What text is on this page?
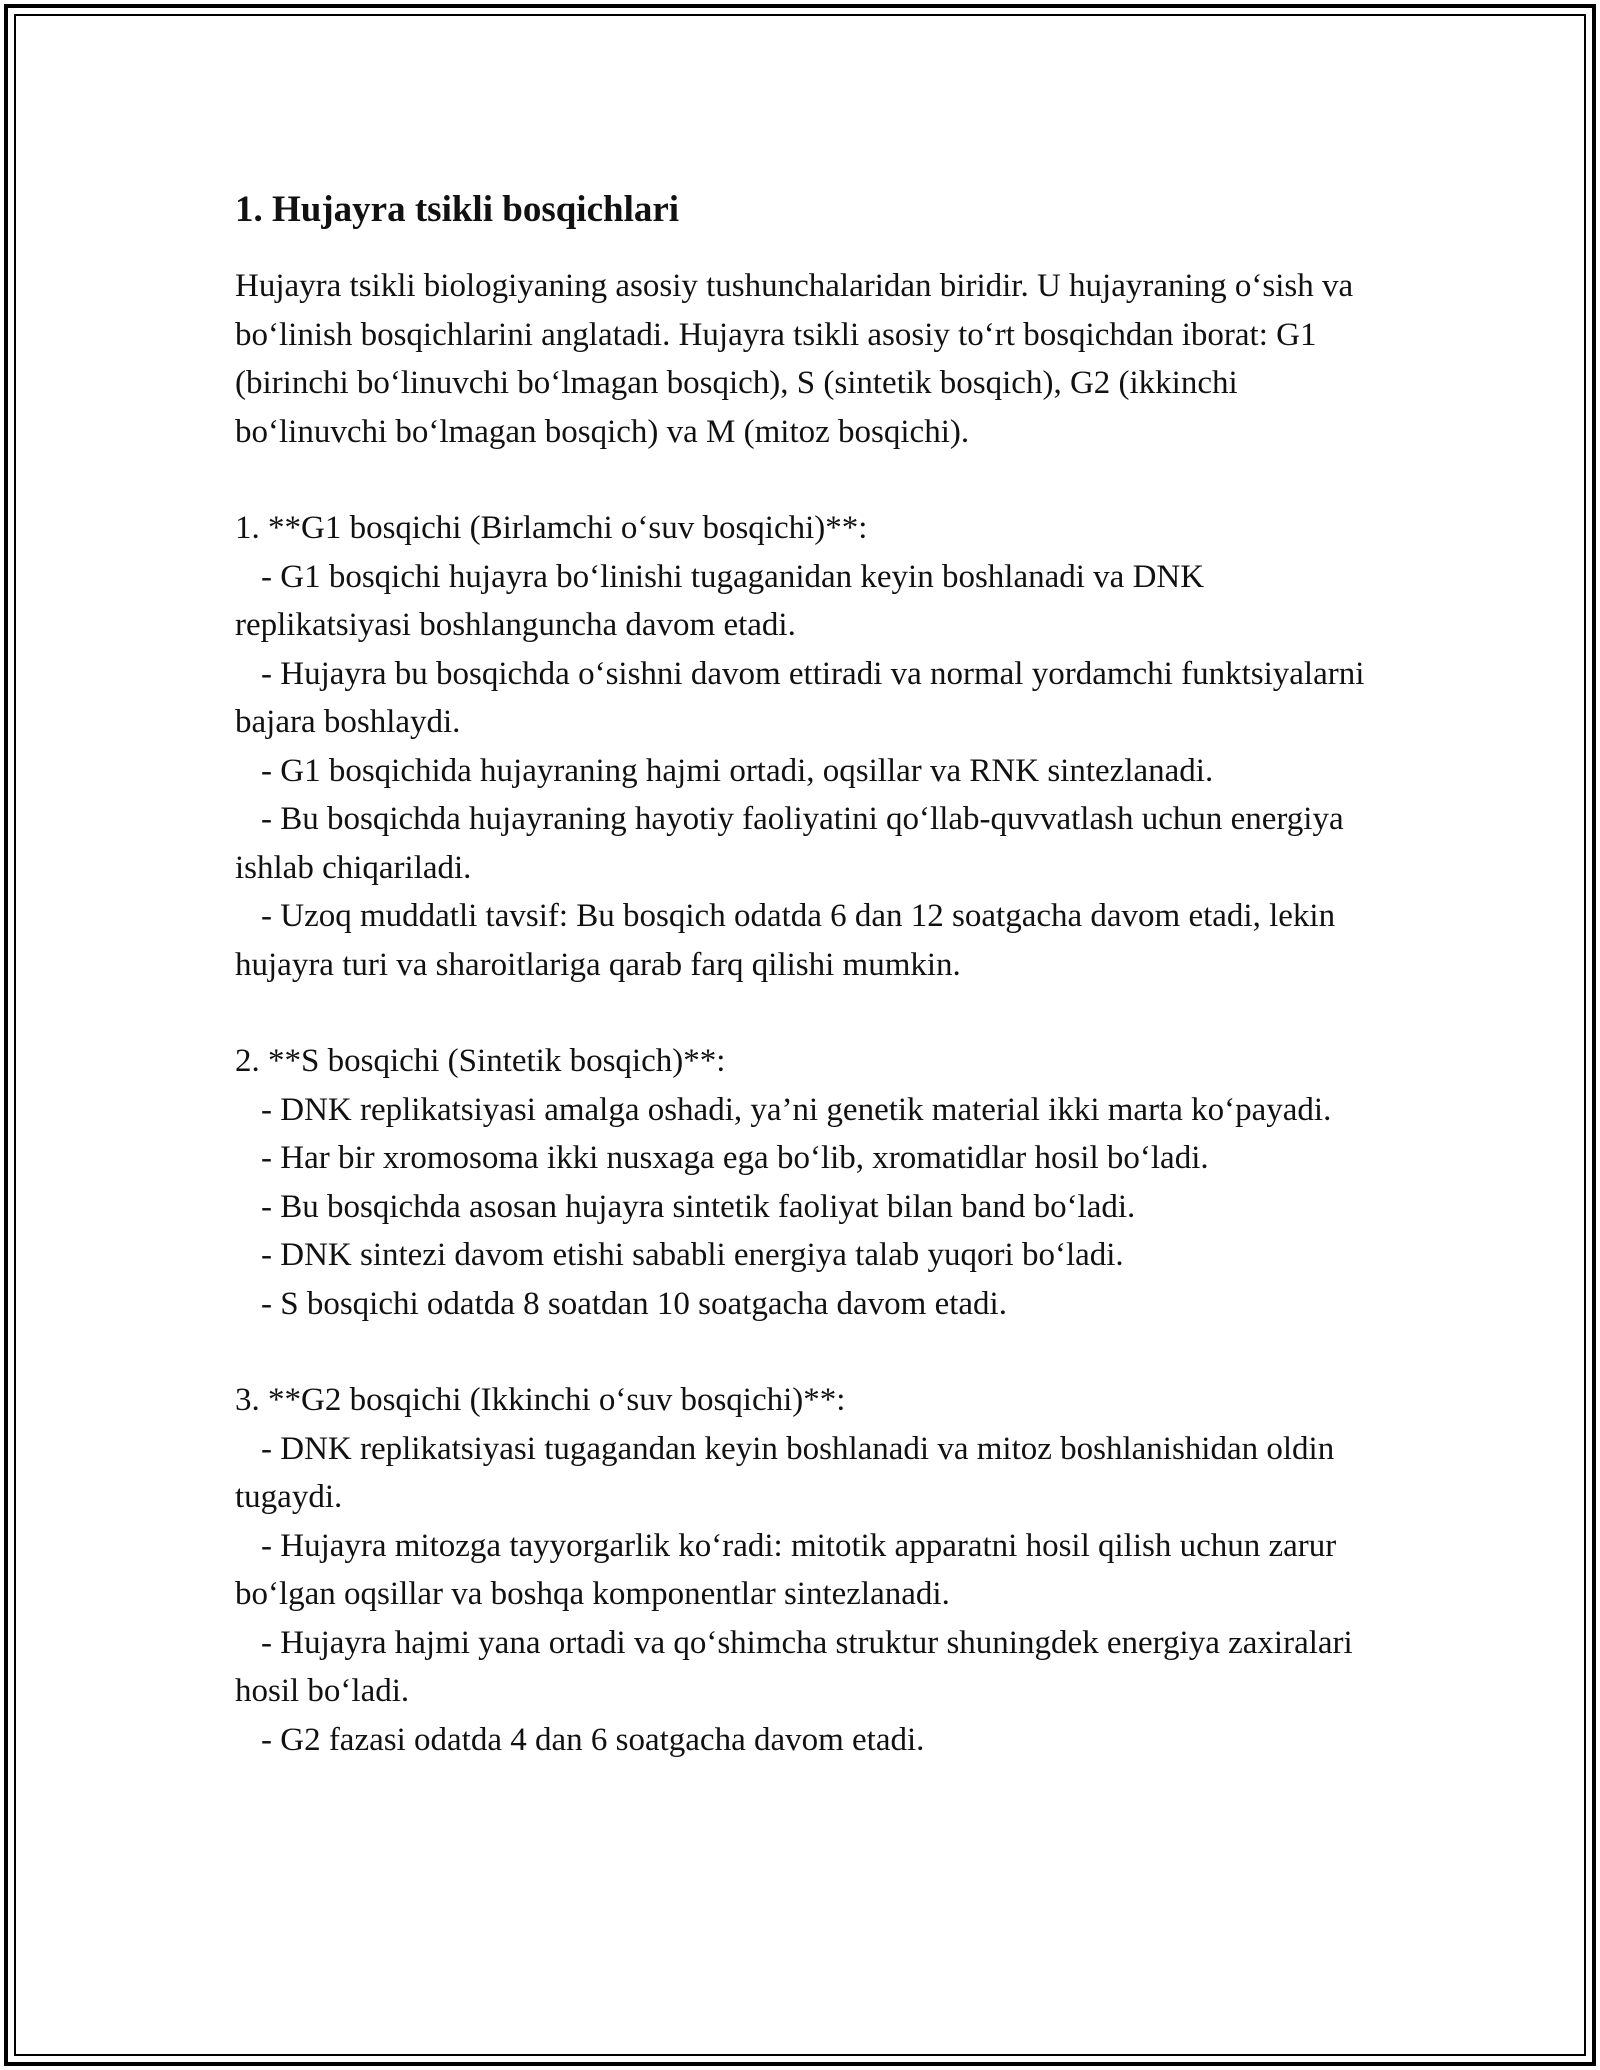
1. Hujayra tsikli bosqichlari

Hujayra tsikli biologiyaning asosiy tushunchalaridan biridir. U hujayraning o‘sish va bo‘linish bosqichlarini anglatadi. Hujayra tsikli asosiy to‘rt bosqichdan iborat: G1 (birinchi bo‘linuvchi bo‘lmagan bosqich), S (sintetik bosqich), G2 (ikkinchi bo‘linuvchi bo‘lmagan bosqich) va M (mitoz bosqichi).

1. **G1 bosqichi (Birlamchi o‘suv bosqichi)**:

- G1 bosqichi hujayra bo‘linishi tugaganidan keyin boshlanadi va DNK replikatsiyasi boshlanguncha davom etadi.

- Hujayra bu bosqichda o‘sishni davom ettiradi va normal yordamchi funktsiyalarni bajara boshlaydi.

- G1 bosqichida hujayraning hajmi ortadi, oqsillar va RNK sintezlanadi.

- Bu bosqichda hujayraning hayotiy faoliyatini qo‘llab-quvvatlash uchun energiya ishlab chiqariladi.

- Uzoq muddatli tavsif: Bu bosqich odatda 6 dan 12 soatgacha davom etadi, lekin hujayra turi va sharoitlariga qarab farq qilishi mumkin.

2. **S bosqichi (Sintetik bosqich)**:

- DNK replikatsiyasi amalga oshadi, ya’ni genetik material ikki marta ko‘payadi.

- Har bir xromosoma ikki nusxaga ega bo‘lib, xromatidlar hosil bo‘ladi.

- Bu bosqichda asosan hujayra sintetik faoliyat bilan band bo‘ladi.

- DNK sintezi davom etishi sababli energiya talab yuqori bo‘ladi.

- S bosqichi odatda 8 soatdan 10 soatgacha davom etadi.

3. **G2 bosqichi (Ikkinchi o‘suv bosqichi)**:

- DNK replikatsiyasi tugagandan keyin boshlanadi va mitoz boshlanishidan oldin tugaydi.

- Hujayra mitozga tayyorgarlik ko‘radi: mitotik apparatni hosil qilish uchun zarur bo‘lgan oqsillar va boshqa komponentlar sintezlanadi.

- Hujayra hajmi yana ortadi va qo‘shimcha struktur shuningdek energiya zaxiralari hosil bo‘ladi.

- G2 fazasi odatda 4 dan 6 soatgacha davom etadi.
